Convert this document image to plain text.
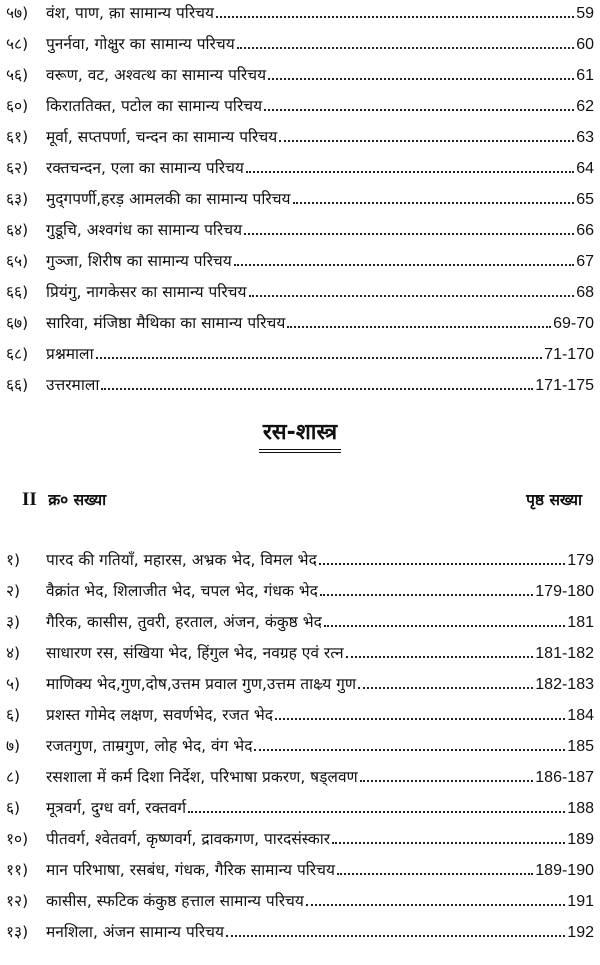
५७)	वंश, पाण, क़ा सामान्य परिचय	59
५८)	पुनर्नवा, गोक्षुर का सामान्य परिचय	60
५६)	वरूण, वट, अश्वत्थ का सामान्य परिचय	61
६०)	किराततिक्त, पटोल का सामान्य परिचय	62
६१)	मूर्वा, सप्तपर्णा, चन्दन का सामान्य परिचय	63
६२)	रक्तचन्दन, एला का सामान्य परिचय	64
६३)	मुद्‌गपर्णी,हरड़ आमलकी का सामान्य परिचय	65
६४)	गुडूचि, अश्वगंध का सामान्य परिचय	66
६५)	गुञ्जा, शिरीष का सामान्य परिचय	67
६६)	प्रियंगु, नागकेसर का सामान्य परिचय	68
६७)	सारिवा, मंजिष्ठा मैथिका का सामान्य परिचय	69-70
६८)	प्रश्नमाला	71-170
६६)	उत्तरमाला	171-175
रस-शास्त्र
II क्र० सख्या	पृष्ठ सख्या
१)	पारद की गतियाँ, महारस, अभ्रक भेद, विमल भेद	179
२)	वैक्रांत भेद, शिलाजीत भेद, चपल भेद, गंधक भेद	179-180
३)	गैरिक, कासीस, तुवरी, हरताल, अंजन, कंकुष्ठ भेद	181
४)	साधारण रस, संखिया भेद, हिंगुल भेद, नवग्रह एवं रत्न	181-182
५)	माणिक्य भेद,गुण,दोष,उत्तम प्रवाल गुण,उत्तम ताक्ष्र्य गुण	182-183
६)	प्रशस्त गोमेद लक्षण, सवर्णभेद, रजत भेद	184
७)	रजतगुण, ताम्रगुण, लोह भेद, वंग भेद	185
८)	रसशाला में कर्म दिशा निर्देश, परिभाषा प्रकरण, षड्‌लवण	186-187
६)	मूत्रवर्ग, दुग्ध वर्ग, रक्तवर्ग	188
१०)	पीतवर्ग, श्वेतवर्ग, कृष्णवर्ग, द्रावकगण, पारदसंस्कार	189
११)	मान परिभाषा, रसबंध, गंधक, गैरिक सामान्य परिचय	189-190
१२)	कासीस, स्फटिक कंकुष्ठ हत्ताल सामान्य परिचय	191
१३)	मनशिला, अंजन सामान्य परिचय	192
